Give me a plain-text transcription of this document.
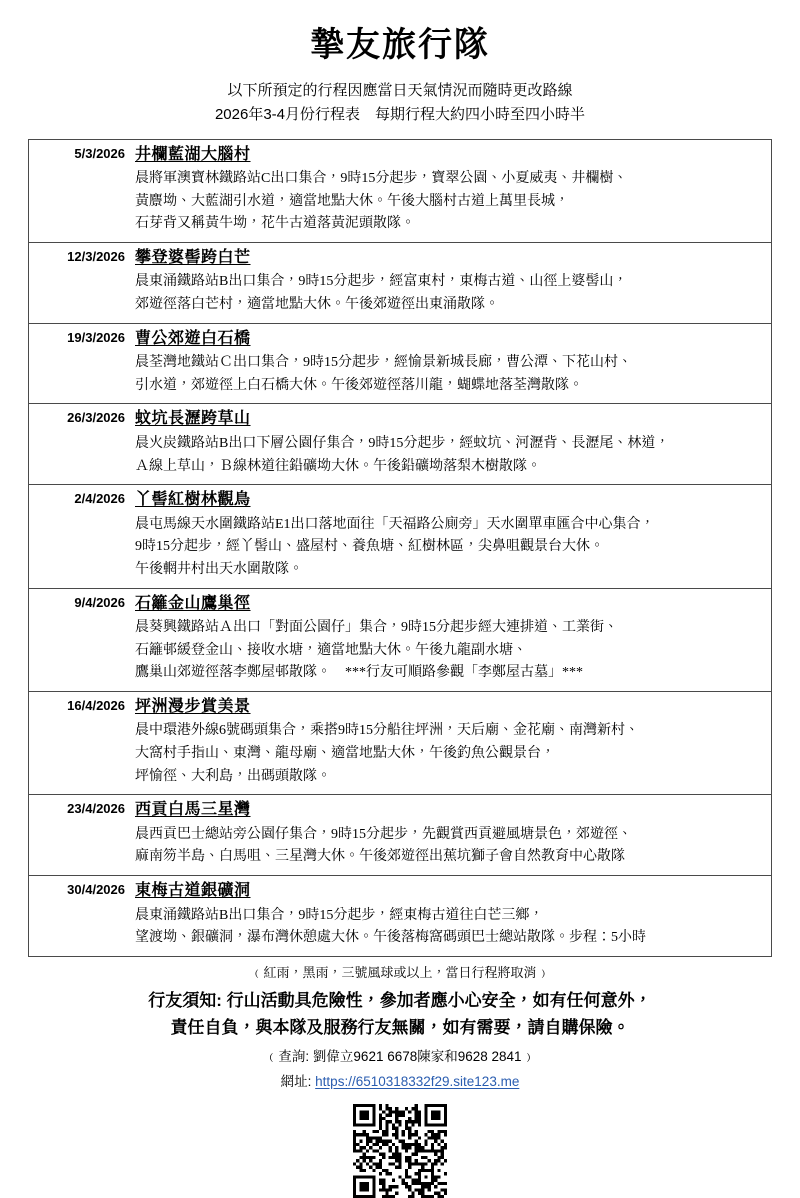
摯友旅行隊

以下所預定的行程因應當日天氣情況而隨時更改路線

2026年3-4月份行程表　每期行程大約四小時至四小時半

5/3/2026	井欄藍湖大腦村
晨將軍澳寶林鐵路站C出口集合，9時15分起步，寶翠公園、小夏威夷、井欄樹、
黃麖坳、大藍湖引水道，適當地點大休。午後大腦村古道上萬里長城，
石芽背又稱黃牛坳，花牛古道落黃泥頭散隊。

12/3/2026	攀登婆髻跨白芒
晨東涌鐵路站B出口集合，9時15分起步，經富東村，東梅古道、山徑上婆髻山，
郊遊徑落白芒村，適當地點大休。午後郊遊徑出東涌散隊。

19/3/2026	曹公郊遊白石橋
晨荃灣地鐵站Ｃ出口集合，9時15分起步，經愉景新城長廊，曹公潭、下花山村、
引水道，郊遊徑上白石橋大休。午後郊遊徑落川龍，蝴蝶地落荃灣散隊。

26/3/2026	蚊坑長瀝跨草山
晨火炭鐵路站B出口下層公園仔集合，9時15分起步，經蚊坑、河瀝背、長瀝尾、林道，
Ａ線上草山，Ｂ線林道往鉛礦坳大休。午後鉛礦坳落梨木樹散隊。

2/4/2026	丫髻紅樹林觀鳥
晨屯馬線天水圍鐵路站E1出口落地面往「天福路公廁旁」天水圍單車匯合中心集合，
9時15分起步，經丫髻山、盛屋村、養魚塘、紅樹林區，尖鼻咀觀景台大休。
午後輞井村出天水圍散隊。

9/4/2026	石籬金山鷹巢徑
晨葵興鐵路站Ａ出口「對面公園仔」集合，9時15分起步經大連排道、工業街、
石籬邨緩登金山、接收水塘，適當地點大休。午後九龍副水塘、
鷹巢山郊遊徑落李鄭屋邨散隊。　***行友可順路參觀「李鄭屋古墓」***

16/4/2026	坪洲漫步賞美景
晨中環港外線6號碼頭集合，乘搭9時15分船往坪洲，天后廟、金花廟、南灣新村、
大窩村手指山、東灣、龍母廟、適當地點大休，午後釣魚公觀景台，
坪愉徑、大利島，出碼頭散隊。

23/4/2026	西貢白馬三星灣
晨西貢巴士總站旁公園仔集合，9時15分起步，先觀賞西貢避風塘景色，郊遊徑、
麻南笏半島、白馬咀、三星灣大休。午後郊遊徑出蕉坑獅子會自然教育中心散隊

30/4/2026	東梅古道銀礦洞
晨東涌鐵路站B出口集合，9時15分起步，經東梅古道往白芒三鄉，
望渡坳、銀礦洞，瀑布灣休憩處大休。午後落梅窩碼頭巴士總站散隊。步程：5小時

﹙紅雨，黑雨，三號風球或以上，當日行程將取消﹚

行友須知: 行山活動具危險性，參加者應小心安全，如有任何意外，
責任自負，與本隊及服務行友無關，如有需要，請自購保險。

﹙查詢: 劉偉立9621 6678陳家和9628 2841﹚

網址: https://6510318332f29.site123.me
